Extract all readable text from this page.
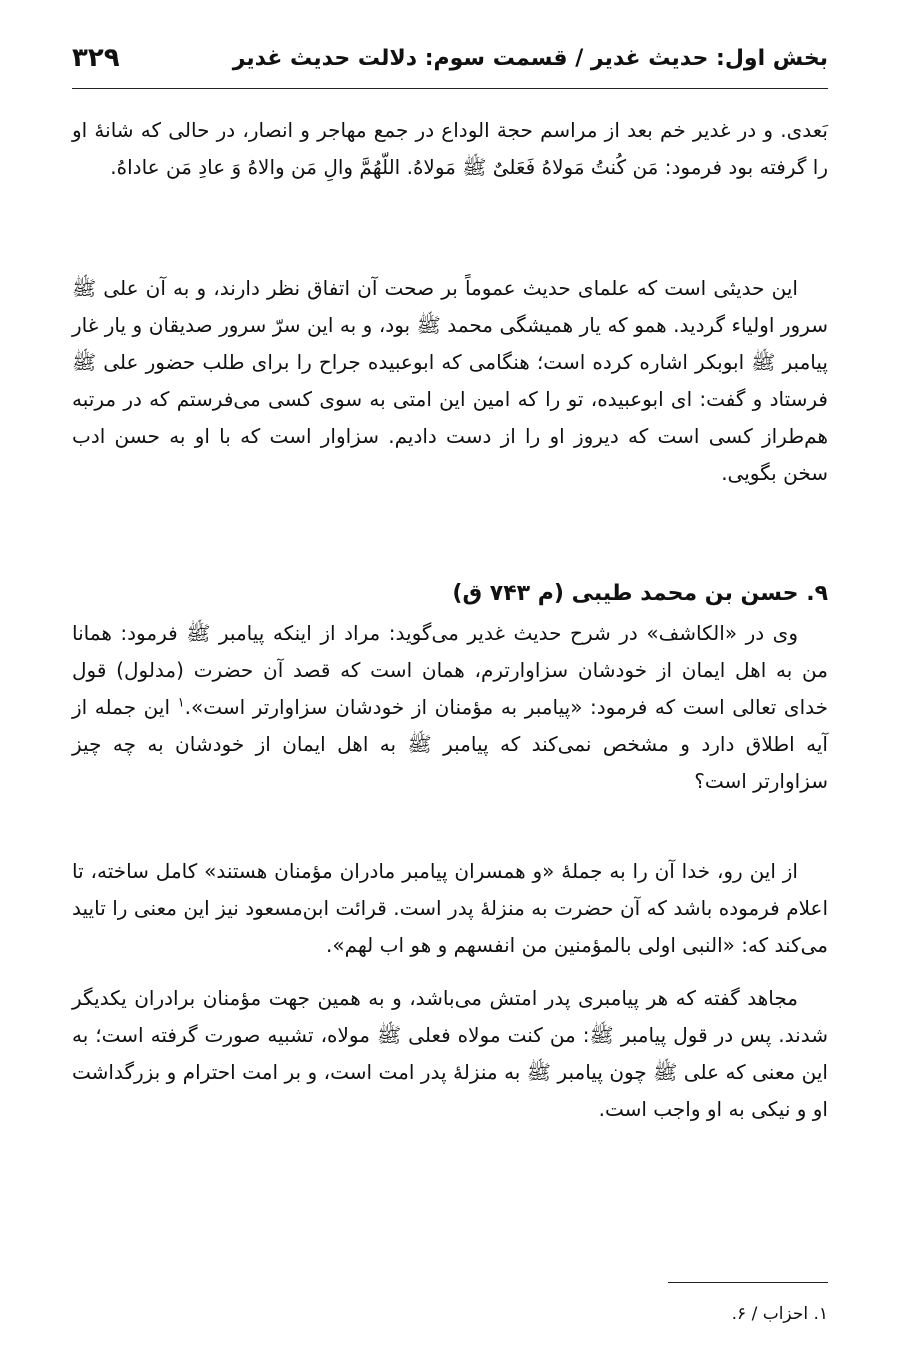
بخش اول: حدیث غدیر / قسمت سوم: دلالت حدیث غدیر
۳۲۹

بَعدی. و در غدیر خم بعد از مراسم حجة الوداع در جمع مهاجر و انصار، در حالی که شانهٔ او را گرفته بود فرمود: مَن کُنتُ مَولاهُ فَعَلیٌ ﷺ مَولاهُ. اللّهُمَّ والِ مَن والاهُ وَ عادِ مَن عاداهُ.

این حدیثی است که علمای حدیث عموماً بر صحت آن اتفاق نظر دارند، و به آن علی ﷺ سرور اولیاء گردید. همو که یار همیشگی محمد ﷺ بود، و به این سرّ سرور صدیقان و یار غار پیامبر ﷺ ابوبکر اشاره کرده است؛ هنگامی که ابوعبیده جراح را برای طلب حضور علی ﷺ فرستاد و گفت: ای ابوعبیده، تو را که امین این امتی به سوی کسی می‌فرستم که در مرتبه هم‌طراز کسی است که دیروز او را از دست دادیم. سزاوار است که با او به حسن ادب سخن بگویی.

۹. حسن بن محمد طیبی (م ۷۴۳ ق)

وی در «الکاشف» در شرح حدیث غدیر می‌گوید: مراد از اینکه پیامبر ﷺ فرمود: همانا من به اهل ایمان از خودشان سزاوارترم، همان است که قصد آن حضرت (مدلول) قول خدای تعالی است که فرمود: «پیامبر به مؤمنان از خودشان سزاوارتر است».$^۱$ این جمله از آیه اطلاق دارد و مشخص نمی‌کند که پیامبر ﷺ به اهل ایمان از خودشان به چه چیز سزاوارتر است؟

از این رو، خدا آن را به جملهٔ «و همسران پیامبر مادران مؤمنان هستند» کامل ساخته، تا اعلام فرموده باشد که آن حضرت به منزلهٔ پدر است. قرائت ابن‌مسعود نیز این معنی را تایید می‌کند که: «النبی اولی بالمؤمنین من انفسهم و هو اب لهم».

مجاهد گفته که هر پیامبری پدر امتش می‌باشد، و به همین جهت مؤمنان برادران یکدیگر شدند. پس در قول پیامبر ﷺ: من کنت مولاه فعلی ﷺ مولاه، تشبیه صورت گرفته است؛ به این معنی که علی ﷺ چون پیامبر ﷺ به منزلهٔ پدر امت است، و بر امت احترام و بزرگداشت او و نیکی به او واجب است.

۱. احزاب / ۶.
